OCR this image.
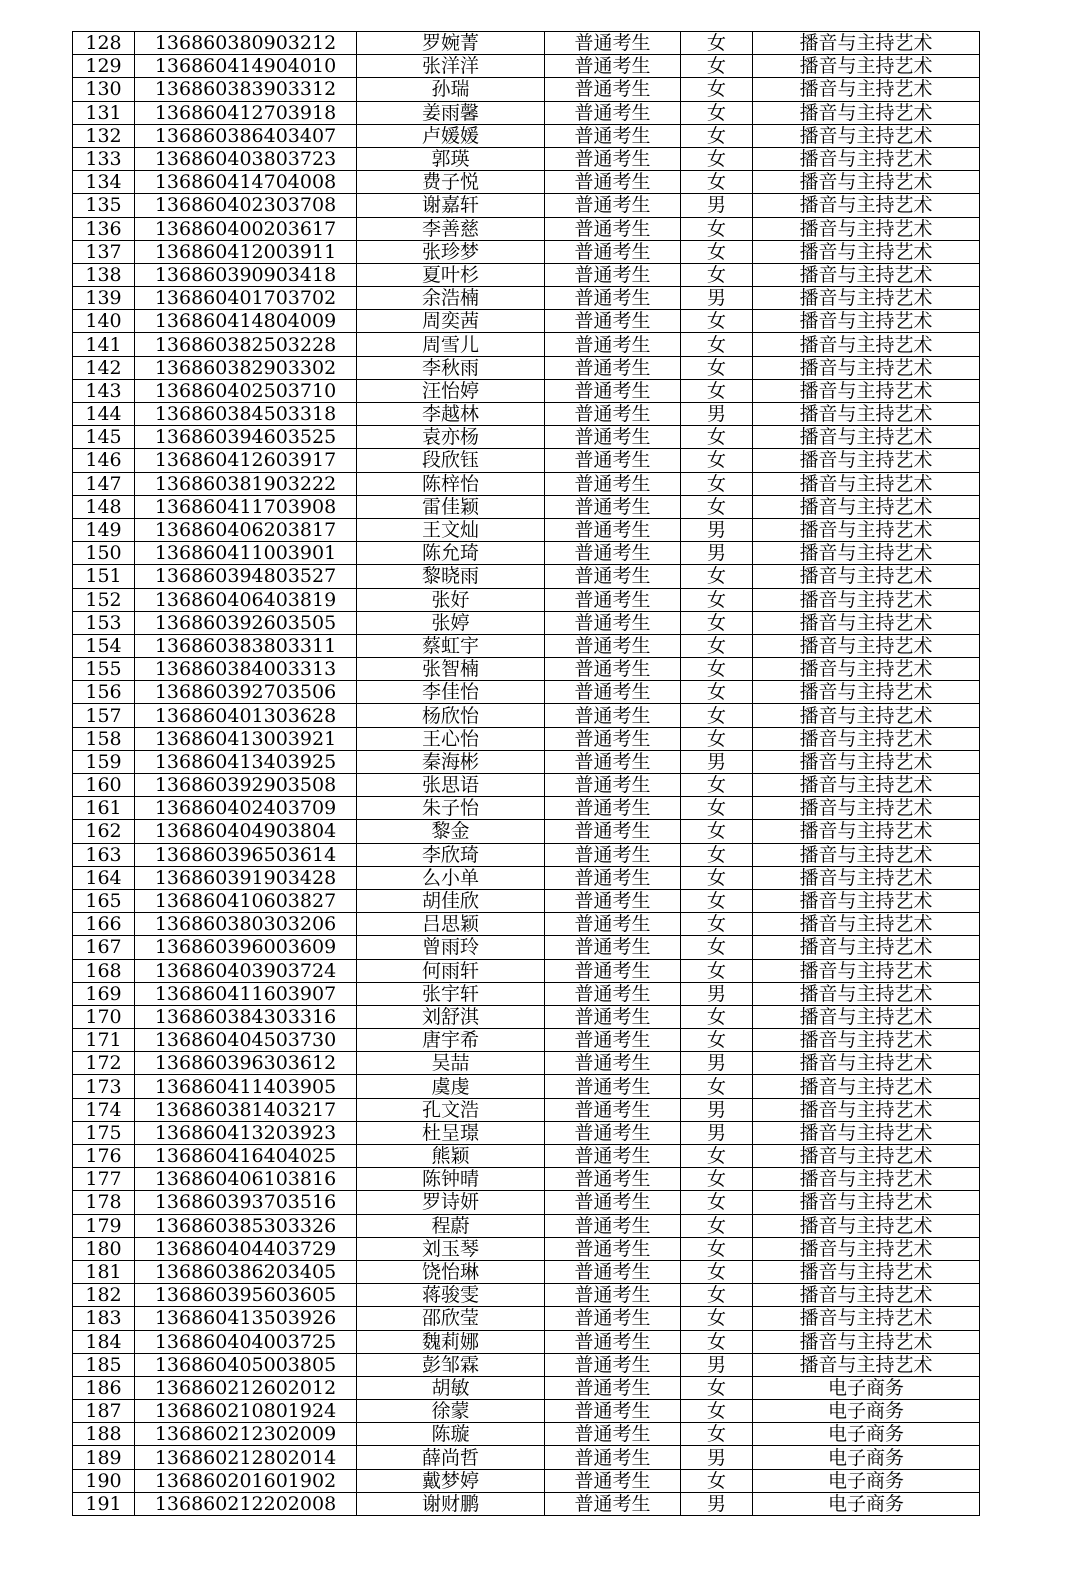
128	136860380903212	罗婉菁	普通考生	女	播音与主持艺术
129	136860414904010	张洋洋	普通考生	女	播音与主持艺术
130	136860383903312	孙瑞	普通考生	女	播音与主持艺术
131	136860412703918	姜雨馨	普通考生	女	播音与主持艺术
132	136860386403407	卢媛媛	普通考生	女	播音与主持艺术
133	136860403803723	郭瑛	普通考生	女	播音与主持艺术
134	136860414704008	费子悦	普通考生	女	播音与主持艺术
135	136860402303708	谢嘉轩	普通考生	男	播音与主持艺术
136	136860400203617	李善慈	普通考生	女	播音与主持艺术
137	136860412003911	张珍梦	普通考生	女	播音与主持艺术
138	136860390903418	夏叶杉	普通考生	女	播音与主持艺术
139	136860401703702	余浩楠	普通考生	男	播音与主持艺术
140	136860414804009	周奕茜	普通考生	女	播音与主持艺术
141	136860382503228	周雪儿	普通考生	女	播音与主持艺术
142	136860382903302	李秋雨	普通考生	女	播音与主持艺术
143	136860402503710	汪怡婷	普通考生	女	播音与主持艺术
144	136860384503318	李越林	普通考生	男	播音与主持艺术
145	136860394603525	袁亦杨	普通考生	女	播音与主持艺术
146	136860412603917	段欣钰	普通考生	女	播音与主持艺术
147	136860381903222	陈梓怡	普通考生	女	播音与主持艺术
148	136860411703908	雷佳颖	普通考生	女	播音与主持艺术
149	136860406203817	王文灿	普通考生	男	播音与主持艺术
150	136860411003901	陈允琦	普通考生	男	播音与主持艺术
151	136860394803527	黎晓雨	普通考生	女	播音与主持艺术
152	136860406403819	张好	普通考生	女	播音与主持艺术
153	136860392603505	张婷	普通考生	女	播音与主持艺术
154	136860383803311	蔡虹宇	普通考生	女	播音与主持艺术
155	136860384003313	张智楠	普通考生	女	播音与主持艺术
156	136860392703506	李佳怡	普通考生	女	播音与主持艺术
157	136860401303628	杨欣怡	普通考生	女	播音与主持艺术
158	136860413003921	王心怡	普通考生	女	播音与主持艺术
159	136860413403925	秦海彬	普通考生	男	播音与主持艺术
160	136860392903508	张思语	普通考生	女	播音与主持艺术
161	136860402403709	朱子怡	普通考生	女	播音与主持艺术
162	136860404903804	黎金	普通考生	女	播音与主持艺术
163	136860396503614	李欣琦	普通考生	女	播音与主持艺术
164	136860391903428	么小单	普通考生	女	播音与主持艺术
165	136860410603827	胡佳欣	普通考生	女	播音与主持艺术
166	136860380303206	吕思颖	普通考生	女	播音与主持艺术
167	136860396003609	曾雨玲	普通考生	女	播音与主持艺术
168	136860403903724	何雨轩	普通考生	女	播音与主持艺术
169	136860411603907	张宇轩	普通考生	男	播音与主持艺术
170	136860384303316	刘舒淇	普通考生	女	播音与主持艺术
171	136860404503730	唐宇希	普通考生	女	播音与主持艺术
172	136860396303612	吴喆	普通考生	男	播音与主持艺术
173	136860411403905	虞虔	普通考生	女	播音与主持艺术
174	136860381403217	孔文浩	普通考生	男	播音与主持艺术
175	136860413203923	杜呈璟	普通考生	男	播音与主持艺术
176	136860416404025	熊颖	普通考生	女	播音与主持艺术
177	136860406103816	陈钟晴	普通考生	女	播音与主持艺术
178	136860393703516	罗诗妍	普通考生	女	播音与主持艺术
179	136860385303326	程蔚	普通考生	女	播音与主持艺术
180	136860404403729	刘玉琴	普通考生	女	播音与主持艺术
181	136860386203405	饶怡琳	普通考生	女	播音与主持艺术
182	136860395603605	蒋骏雯	普通考生	女	播音与主持艺术
183	136860413503926	邵欣莹	普通考生	女	播音与主持艺术
184	136860404003725	魏莉娜	普通考生	女	播音与主持艺术
185	136860405003805	彭邹霖	普通考生	男	播音与主持艺术
186	136860212602012	胡敏	普通考生	女	电子商务
187	136860210801924	徐蒙	普通考生	女	电子商务
188	136860212302009	陈璇	普通考生	女	电子商务
189	136860212802014	薛尚哲	普通考生	男	电子商务
190	136860201601902	戴梦婷	普通考生	女	电子商务
191	136860212202008	谢财鹏	普通考生	男	电子商务
